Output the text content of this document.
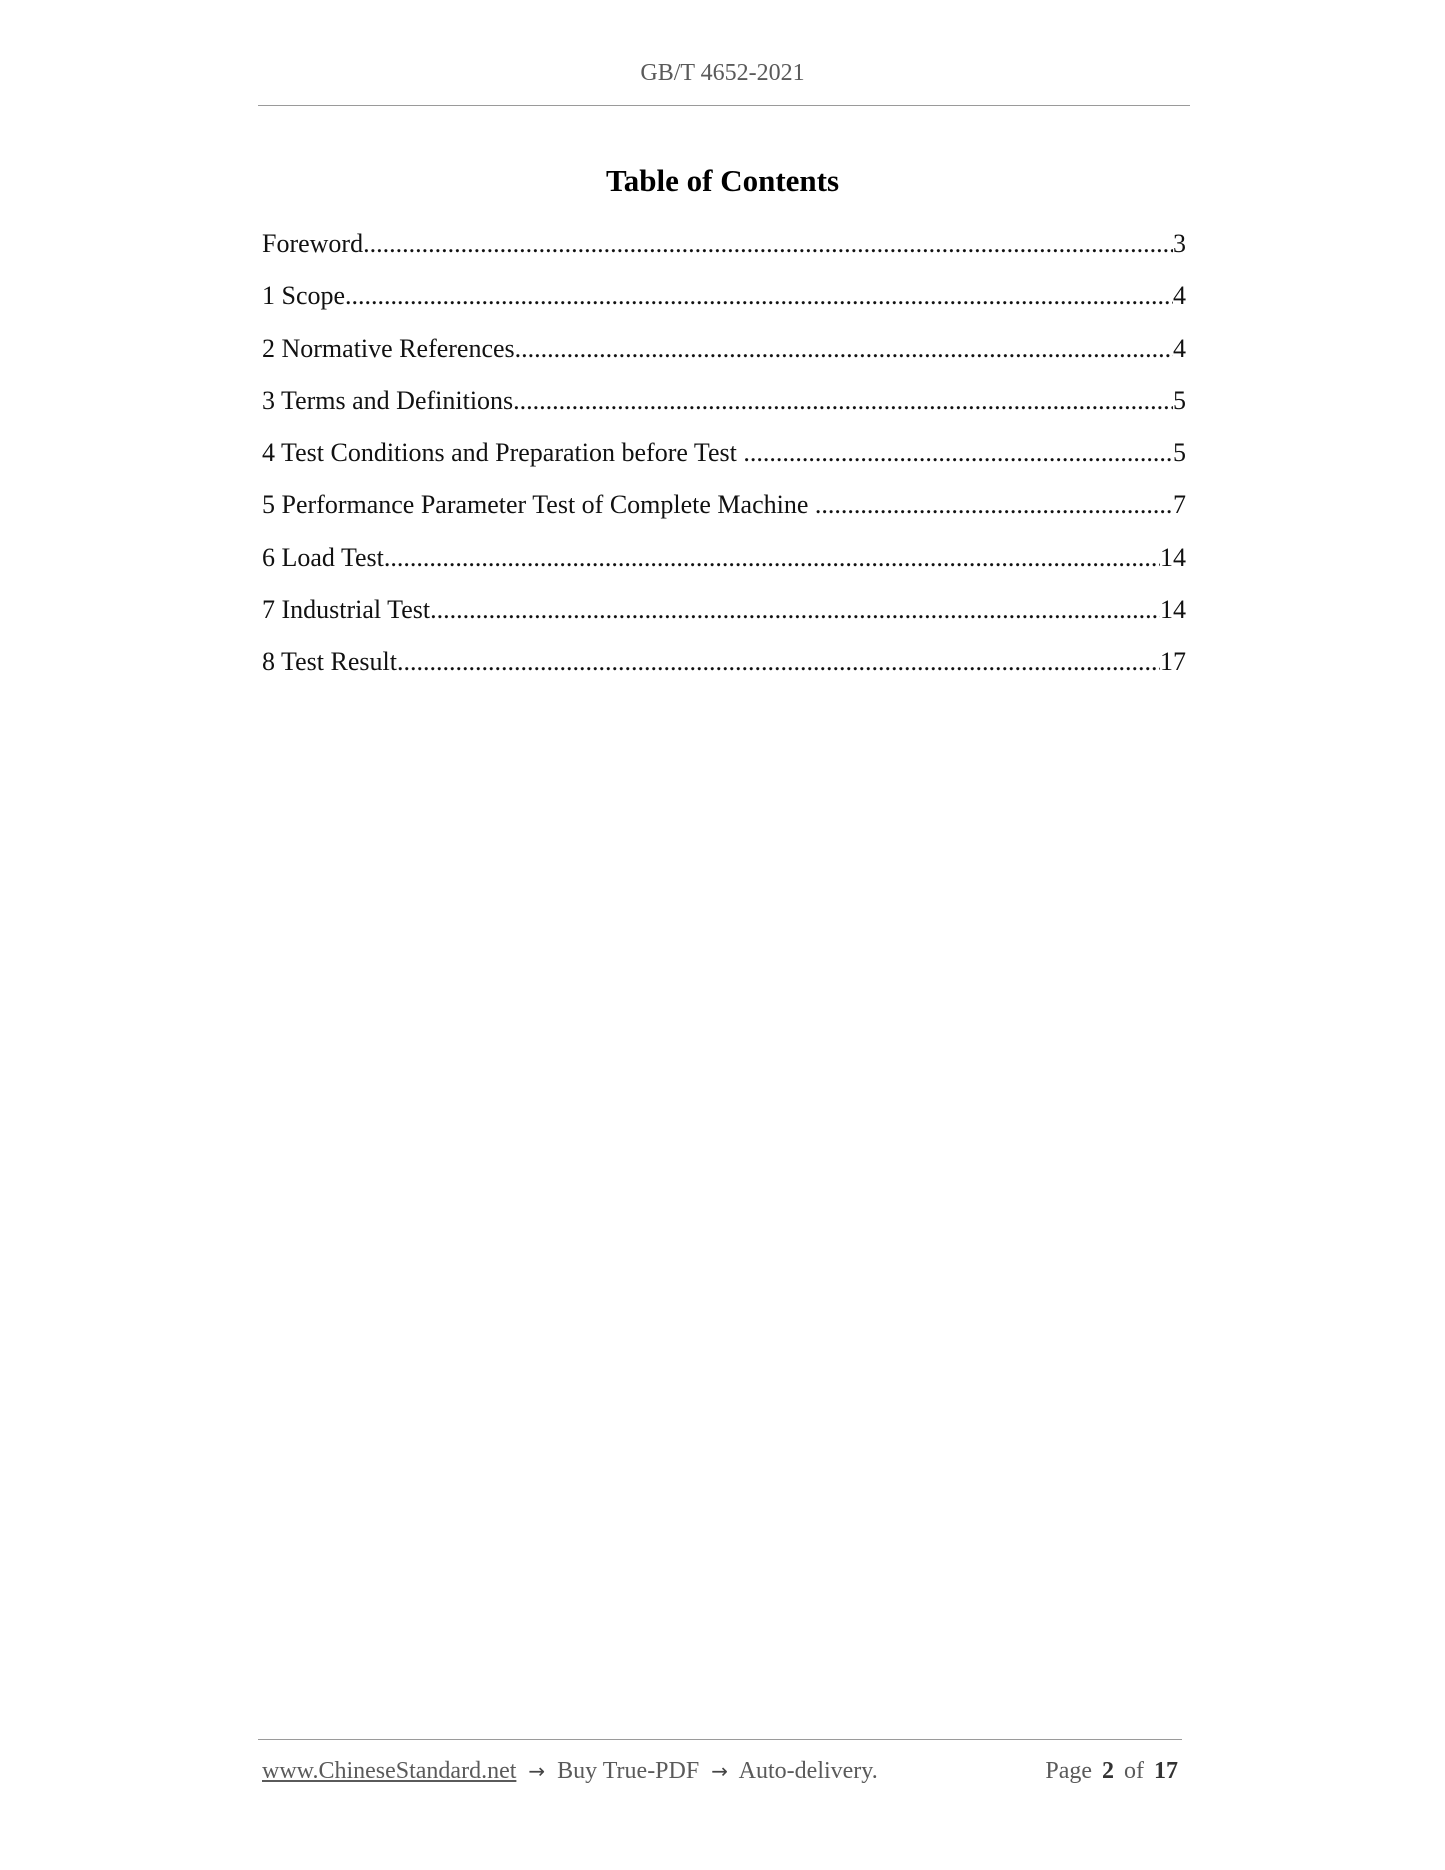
GB/T 4652-2021
Table of Contents
Foreword .....	3
1 Scope .....	4
2 Normative References .....	4
3 Terms and Definitions .....	5
4 Test Conditions and Preparation before Test .....	5
5 Performance Parameter Test of Complete Machine .....	7
6 Load Test .....	14
7 Industrial Test .....	14
8 Test Result .....	17
www.ChineseStandard.net → Buy True-PDF → Auto-delivery.	Page 2 of 17
